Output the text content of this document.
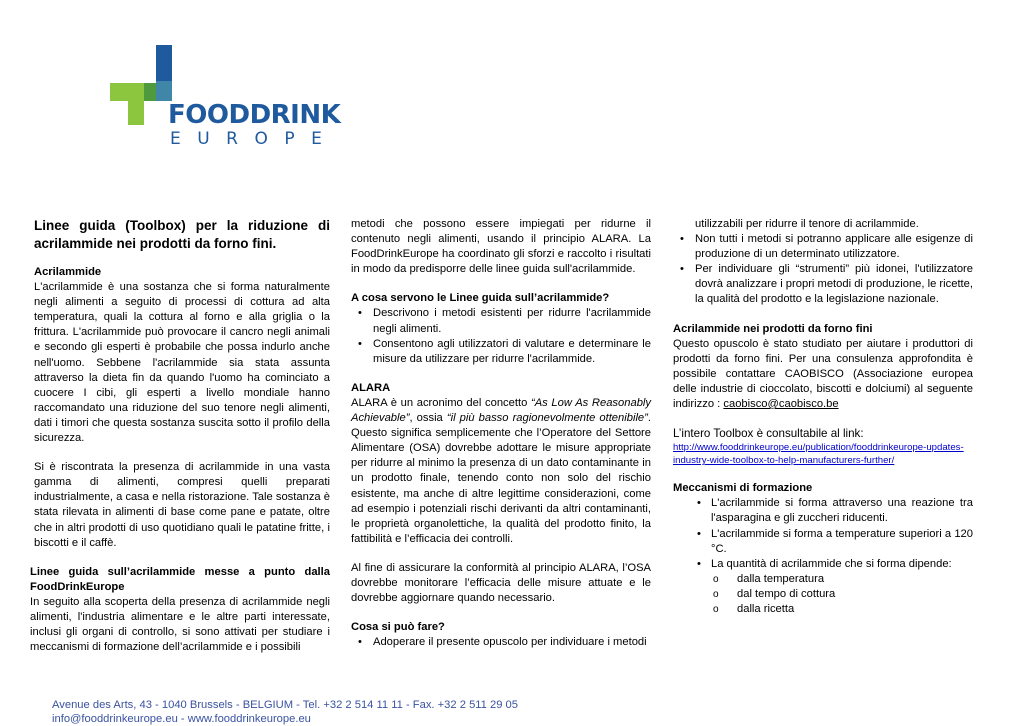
FOODDRINK
EUROPE

Linee guida (Toolbox) per la riduzione di acrilammide nei prodotti da forno fini.

Acrilammide

L'acrilammide è una sostanza che si forma naturalmente negli alimenti a seguito di processi di cottura ad alta temperatura, quali la cottura al forno e alla griglia o la frittura. L'acrilammide può provocare il cancro negli animali e secondo gli esperti è probabile che possa indurlo anche nell'uomo. Sebbene l'acrilammide sia stata assunta attraverso la dieta fin da quando l'uomo ha cominciato a cuocere I cibi, gli esperti a livello mondiale hanno raccomandato una riduzione del suo tenore negli alimenti, dati i timori che questa sostanza suscita sotto il profilo della sicurezza.

Si è riscontrata la presenza di acrilammide in una vasta gamma di alimenti, compresi quelli preparati industrialmente, a casa e nella ristorazione. Tale sostanza è stata rilevata in alimenti di base come pane e patate, oltre che in altri prodotti di uso quotidiano quali le patatine fritte, i biscotti e il caffè.

Linee guida sull’acrilammide messe a punto dalla FoodDrinkEurope

In seguito alla scoperta della presenza di acrilammide negli alimenti, l'industria alimentare e le altre parti interessate, inclusi gli organi di controllo, si sono attivati per studiare i meccanismi di formazione dell’acrilammide e i possibili

metodi che possono essere impiegati per ridurne il contenuto negli alimenti, usando il principio ALARA. La FoodDrinkEurope ha coordinato gli sforzi e raccolto i risultati in modo da predisporre delle linee guida sull'acrilammide.

A cosa servono le Linee guida sull’acrilammide?

• Descrivono i metodi esistenti per ridurre l'acrilammide negli alimenti.
• Consentono agli utilizzatori di valutare e determinare le misure da utilizzare per ridurre l'acrilammide.

ALARA

ALARA è un acronimo del concetto “As Low As Reasonably Achievable”, ossia “il più basso ragionevolmente ottenibile”. Questo significa semplicemente che l’Operatore del Settore Alimentare (OSA) dovrebbe adottare le misure appropriate per ridurre al minimo la presenza di un dato contaminante in un prodotto finale, tenendo conto non solo del rischio esistente, ma anche di altre legittime considerazioni, come ad esempio i potenziali rischi derivanti da altri contaminanti, le proprietà organolettiche, la qualità del prodotto finito, la fattibilità e l’efficacia dei controlli.

Al fine di assicurare la conformità al principio ALARA, l’OSA dovrebbe monitorare l’efficacia delle misure attuate e le dovrebbe aggiornare quando necessario.

Cosa si può fare?

• Adoperare il presente opuscolo per individuare i metodi
utilizzabili per ridurre il tenore di acrilammide.
• Non tutti i metodi si potranno applicare alle esigenze di produzione di un determinato utilizzatore.
• Per individuare gli “strumenti” più idonei, l'utilizzatore dovrà analizzare i propri metodi di produzione, le ricette, la qualità del prodotto e la legislazione nazionale.

Acrilammide nei prodotti da forno fini

Questo opuscolo è stato studiato per aiutare i produttori di prodotti da forno fini. Per una consulenza approfondita è possibile contattare CAOBISCO (Associazione europea delle industrie di cioccolato, biscotti e dolciumi) al seguente indirizzo : caobisco@caobisco.be

L’intero Toolbox è consultabile al link:

http://www.fooddrinkeurope.eu/publication/fooddrinkeurope-updates-industry-wide-toolbox-to-help-manufacturers-further/

Meccanismi di formazione

• L'acrilammide si forma attraverso una reazione tra l'asparagina e gli zuccheri riducenti.
• L'acrilammide si forma a temperature superiori a 120 °C.
• La quantità di acrilammide che si forma dipende:
o dalla temperatura
o dal tempo di cottura
o dalla ricetta
Avenue des Arts, 43 - 1040 Brussels - BELGIUM - Tel. +32 2 514 11 11 - Fax. +32 2 511 29 05
info@fooddrinkeurope.eu - www.fooddrinkeurope.eu
